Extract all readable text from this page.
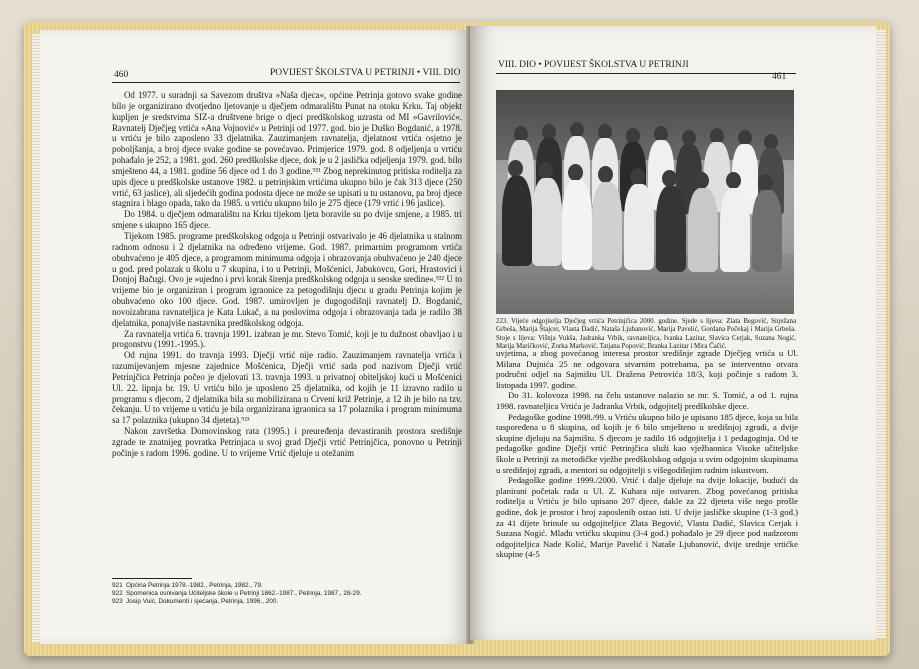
460	POVIJEST ŠKOLSTVA U PETRINJI • VIII. DIO

Od 1977. u suradnji sa Savezom društva »Naša djeca«, općine Petrinja gotovo svake godine bilo je organizirano dvotjedno ljetovanje u dječjem odmaralištu Punat na otoku Krku. Taj objekt kupljen je sredstvima SIZ-a društvene brige o djeci predškolskog uzrasta od MI »Gavrilović«. Ravnatelj Dječjeg vrtića »Ana Vojnović« u Petrinji od 1977. god. bio je Duško Bogdanić, a 1978. u vrtiću je bilo zaposleno 33 djelatnika. Zauzimanjem ravnatelja, djelatnost vrtića osjetno je poboljšanja, a broj djece svake godine se povećavao. Primjerice 1979. god. 8 odjeljenja u vrtiću pohađalo je 252, a 1981. god. 260 predškolske djece, dok je u 2 jaslička odjeljenja 1979. god. bilo smješteno 44, a 1981. godine 56 djece od 1 do 3 godine.⁹²¹ Zbog neprekinutog pritiska roditelja za upis djece u predškolske ustanove 1982. u petrinjskim vrtićima ukupno bilo je čak 313 djece (250 vrtić, 63 jaslice), ali sljedećih godina podosta djece ne može se upisati u tu ustanovu, pa broj djece stagnira i blago opada, tako da 1985. u vrtiću ukupno bilo je 275 djece (179 vrtić i 96 jaslice).

Do 1984. u dječjem odmaralištu na Krku tijekom ljeta boravile su po dvije smjene, a 1985. tri smjene s ukupno 165 djece.

Tijekom 1985. programe predškolskog odgoja u Petrinji ostvarivalo je 46 djelatnika u stalnom radnom odnosu i 2 djelatnika na određeno vrijeme. God. 1987. primarnim programom vrtića obuhvaćeno je 405 djece, a programom minimuma odgoja i obrazovanja obuhvaćeno je 240 djece u god. pred polazak u školu u 7 skupina, i to u Petrinji, Mošćenici, Jabukovcu, Gori, Hrastovici i Donjoj Bačugi. Ovo je »ujedno i prvi korak širenja predškolskog odgoja u seoske sredine«.⁹²² U to vrijeme bio je organiziran i program igraonice za petogodišnju djecu u gradu Petrinja kojim je obuhvaćeno oko 100 djece. God. 1987. umirovljen je dugogodišnji ravnatelj D. Bogdanić, novoizabrana ravnateljica je Kata Lukač, a na poslovima odgoja i obrazovanja tada je radilo 38 djelatnika, ponajviše nastavnika predškolskog odgoja.

Za ravnatelja vrtića 6. travnja 1991. izabran je mr. Stevo Tomić, koji je tu dužnost obavljao i u progonstvu (1991.-1995.).

Od rujna 1991. do travnja 1993. Dječji vrtić nije radio. Zauzimanjem ravnatelja vrtića i razumijevanjem mjesne zajednice Mošćenica, Dječji vrtić sada pod nazivom Dječji vrtić Petrinjčica Petrinja počeo je djelovati 13. travnja 1993. u privatnoj obiteljskoj kući u Mošćenici Ul. 22. lipnja br. 19. U vrtiću bilo je uposleno 25 djelatnika, od kojih je 11 izravno radilo u programu s djecom, 2 djelatnika bila su mobilizirana u Crveni križ Petrinje, a 12 ih je bilo na tzv. čekanju. U to vrijeme u vrtiću je bila organizirana igraonica sa 17 polaznika i program minimuma sa 17 polaznika (ukupno 34 djeteta).⁹²³

Nakon završetka Domovinskog rata (1995.) i preuređenja devastiranih prostora središnje zgrade te znatnijeg povratka Petrinjaca u svoj grad Dječji vrtić Petrinjčica, ponovno u Petrinji počinje s radom 1996. godine. U to vrijeme Vrtić djeluje u otežanim

921 Općina Petrinja 1978.-1982., Petrinja, 1982., 79.
922 Spomenica osnivanja Učiteljske škole u Petrinji 1862.-1987., Petrinja, 1987., 28-29.
923 Josip Vuić, Dokumenti i sjećanja, Petrinja, 1996., 200.
VIII. DIO • POVIJEST ŠKOLSTVA U PETRINJI
461
223. Vijeće odgojitelja Dječjeg vrtića Petrinjčica 2000. godine. Sjede s lijeva: Zlata Begović, Snježana Grbeša, Marija Štajcer, Vlasta Dadić, Nataša Ljubanović, Marija Pavelić, Gordana Počekaj i Marija Grbeša. Stoje s lijeva: Višnja Vukša, Jadranka Vrbik, ravnateljica, Ivanka Lazitar, Slavica Cerjak, Suzana Nogić, Marija Maričković, Zorka Marković, Tatjana Popović, Branka Lazitar i Mira Čačić.

uvjetima, a zbog povećanog interesa prostor središnje zgrade Dječjeg vrtića u Ul. Milana Dujnića 25 ne odgovara stvarnim potrebama, pa se interventno otvara područni odjel na Sajmištu Ul. Dražena Petrovića 18/3, koji počinje s radom 3. listopada 1997. godine.

Do 31. kolovoza 1998. na čelu ustanove nalazio se mr. S. Tomić, a od 1. rujna 1998. ravnateljica Vrtića je Jadranka Vrbik, odgojitelj predškolske djece.

Pedagoške godine 1998./99. u Vrtiću ukupno bilo je upisano 185 djece, koja su bila raspoređena u 8 skupina, od kojih je 6 bilo smješteno u središnjoj zgradi, a dvije skupine djeluju na Sajmištu. S djecom je radilo 16 odgojitelja i 1 pedagoginja. Od te pedagoške godine Dječji vrtić Petrinjčica služi kao vježbaonica Visoke učiteljske škole u Petrinji za metodičke vježbe predškolskog odgoja u svim odgojnim skupinama u središnjoj zgradi, a mentori su odgojitelji s višegodišnjim radnim iskustvom.

Pedagoške godine 1999./2000. Vrtić i dalje djeluje na dvije lokacije, budući da planirani početak rada u Ul. Z. Kuhara nije ostvaren. Zbog povećanog pritiska roditelja u Vrtiću je bilo upisano 207 djece, dakle za 22 djeteta više nego prošle godine, dok je prostor i broj zaposlenih ostao isti. U dvije jasličke skupine (1-3 god.) za 41 dijete brinule su odgojiteljice Zlata Begović, Vlasta Dadić, Slavica Cerjak i Suzana Nogić. Mlađu vrtićku skupinu (3-4 god.) pohađalo je 29 djece pod nadzorom odgojiteljica Nade Kolić, Marije Pavelić i Nataše Ljubanović, dvije srednje vrtićke skupine (4-5
